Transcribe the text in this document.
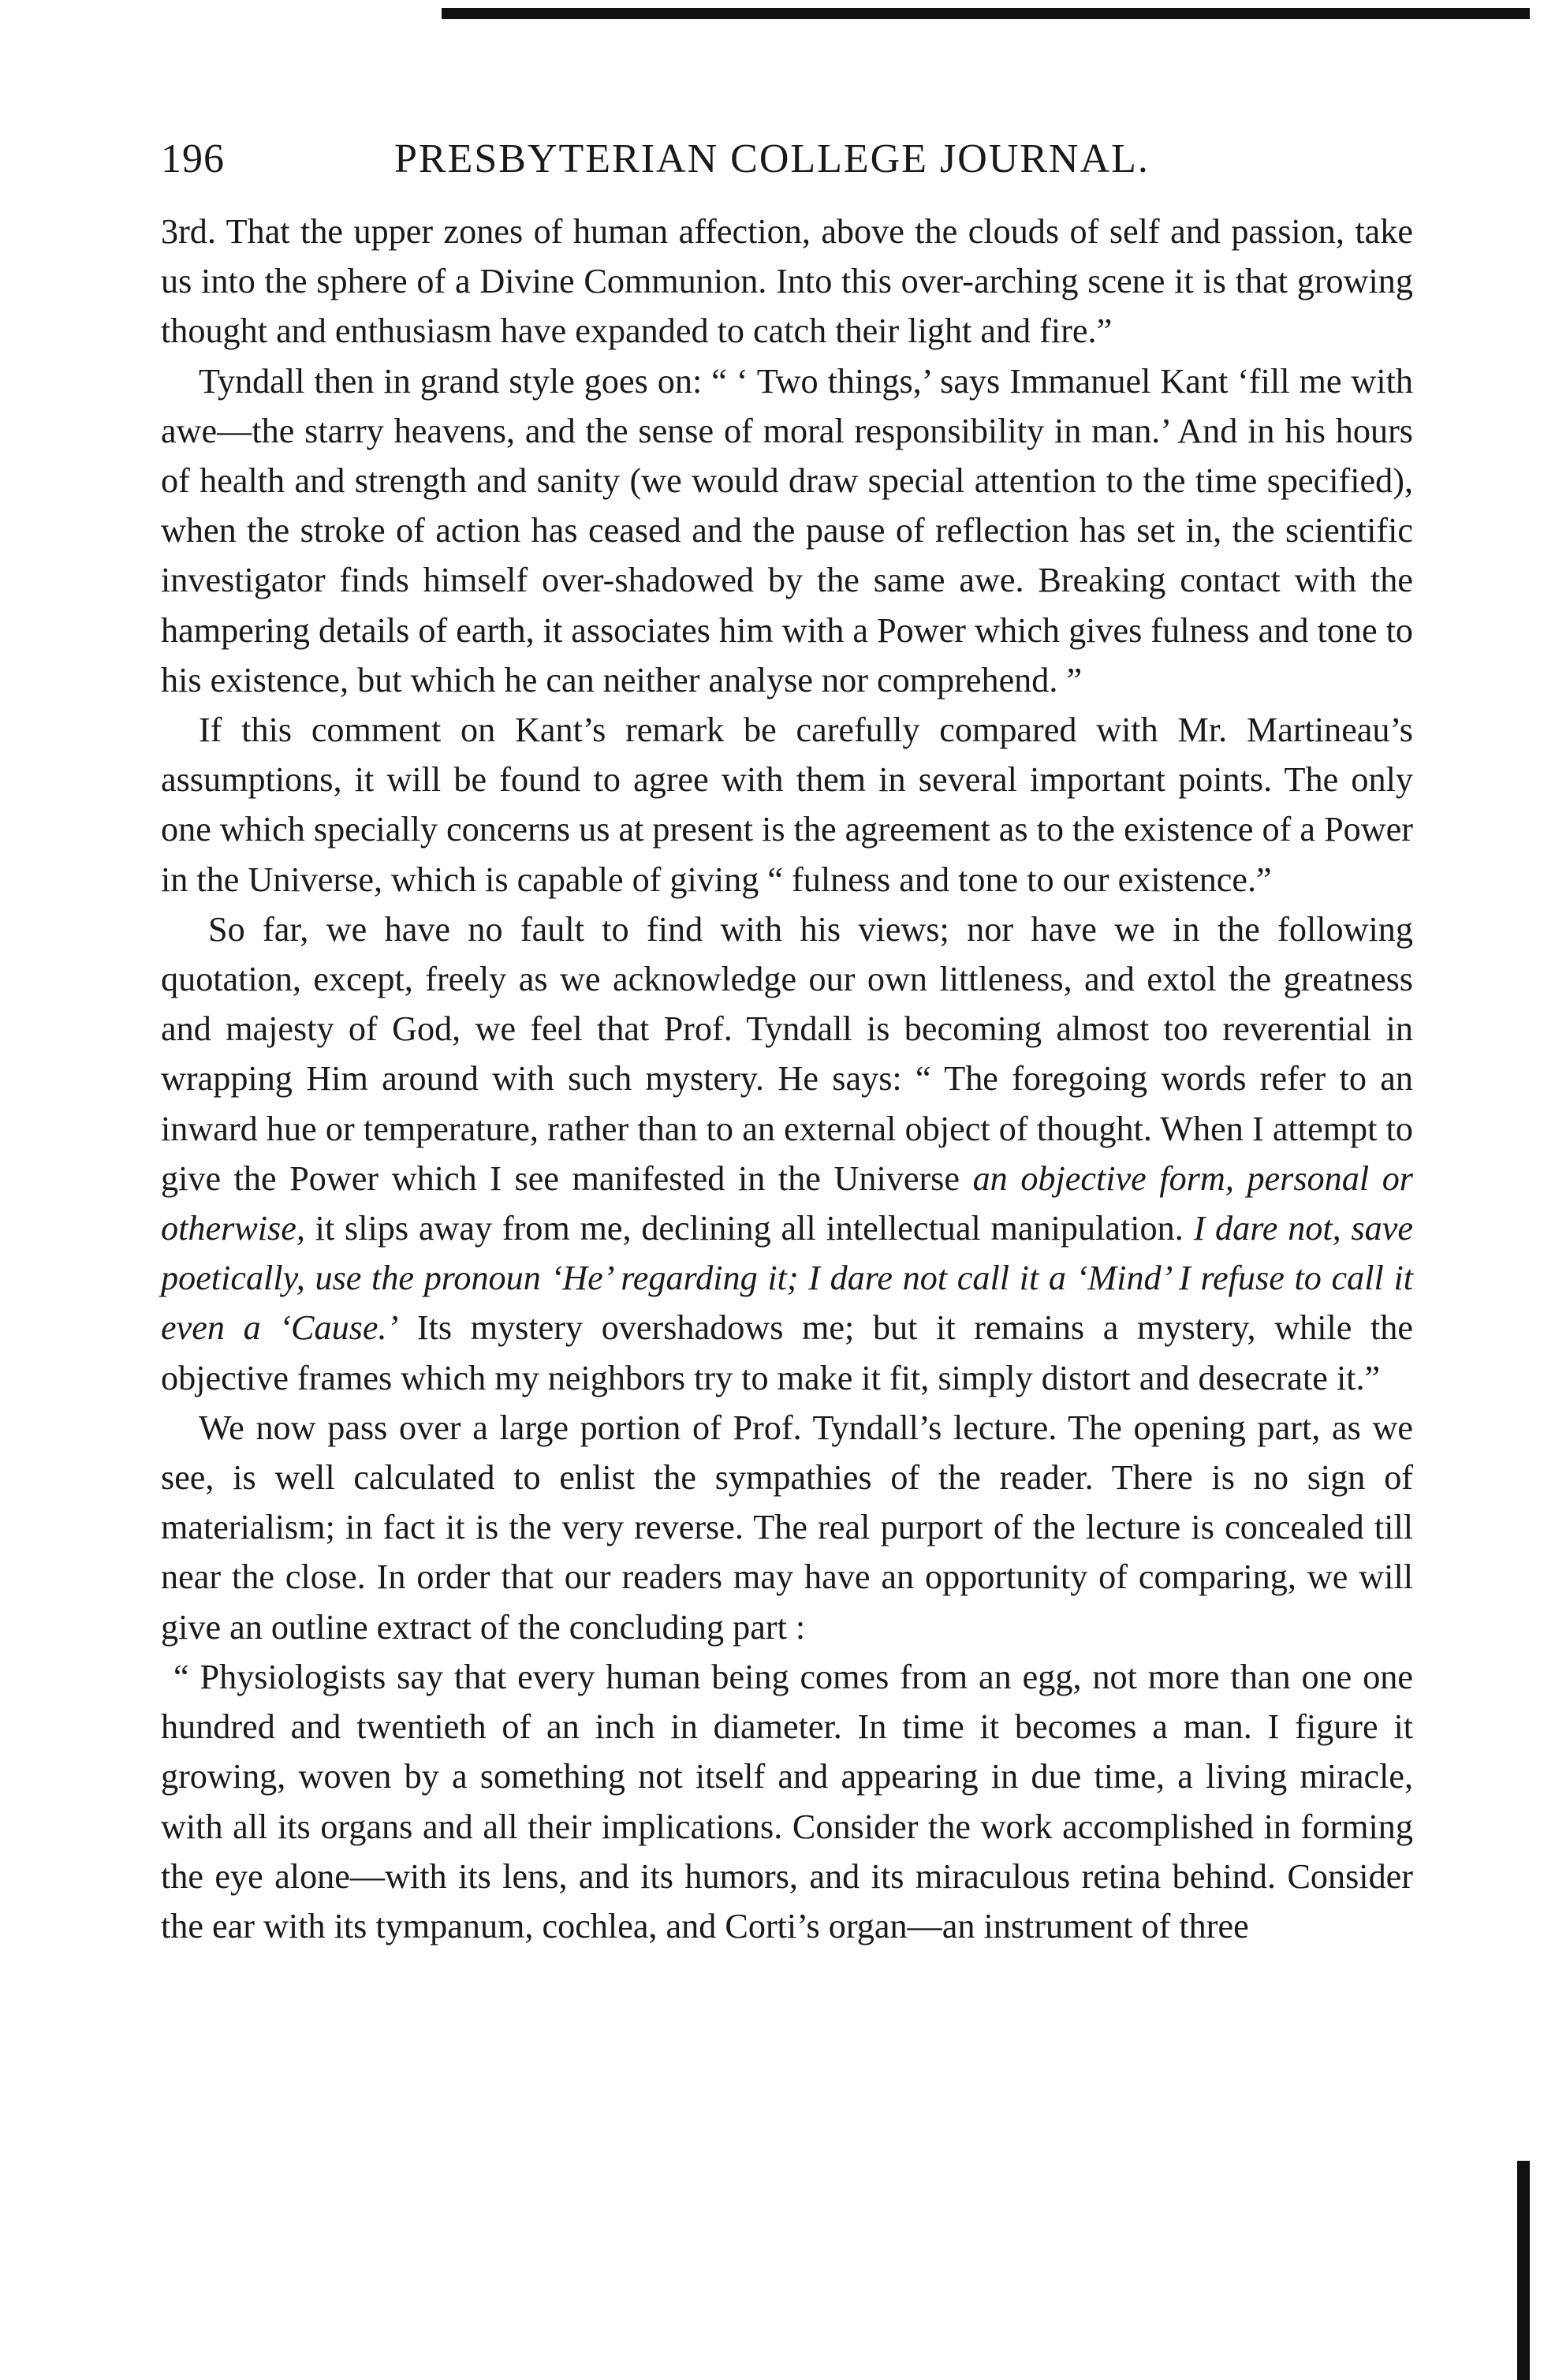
196	PRESBYTERIAN COLLEGE JOURNAL.

3rd. That the upper zones of human affection, above the clouds of self and passion, take us into the sphere of a Divine Communion. Into this over-arching scene it is that growing thought and enthusiasm have expanded to catch their light and fire.”

Tyndall then in grand style goes on: “ ‘ Two things,’ says Immanuel Kant ‘fill me with awe—the starry heavens, and the sense of moral responsibility in man.’ And in his hours of health and strength and sanity (we would draw special attention to the time specified), when the stroke of action has ceased and the pause of reflection has set in, the scientific investigator finds himself over-shadowed by the same awe. Breaking contact with the hampering details of earth, it associates him with a Power which gives fulness and tone to his existence, but which he can neither analyse nor comprehend. ”

If this comment on Kant’s remark be carefully compared with Mr. Martineau’s assumptions, it will be found to agree with them in several important points. The only one which specially concerns us at present is the agreement as to the existence of a Power in the Universe, which is capable of giving “ fulness and tone to our existence.”

So far, we have no fault to find with his views; nor have we in the following quotation, except, freely as we acknowledge our own littleness, and extol the greatness and majesty of God, we feel that Prof. Tyndall is becoming almost too reverential in wrapping Him around with such mystery. He says: “ The foregoing words refer to an inward hue or temperature, rather than to an external object of thought. When I attempt to give the Power which I see manifested in the Universe an objective form, personal or otherwise, it slips away from me, declining all intellectual manipulation. I dare not, save poetically, use the pronoun ‘He’ regarding it; I dare not call it a ‘Mind’ I refuse to call it even a ‘Cause.’ Its mystery overshadows me; but it remains a mystery, while the objective frames which my neighbors try to make it fit, simply distort and desecrate it.”

We now pass over a large portion of Prof. Tyndall’s lecture. The opening part, as we see, is well calculated to enlist the sympathies of the reader. There is no sign of materialism; in fact it is the very reverse. The real purport of the lecture is concealed till near the close. In order that our readers may have an opportunity of comparing, we will give an outline extract of the concluding part :

“ Physiologists say that every human being comes from an egg, not more than one one hundred and twentieth of an inch in diameter. In time it becomes a man. I figure it growing, woven by a something not itself and appearing in due time, a living miracle, with all its organs and all their implications. Consider the work accomplished in forming the eye alone—with its lens, and its humors, and its miraculous retina behind. Consider the ear with its tympanum, cochlea, and Corti’s organ—an instrument of three
